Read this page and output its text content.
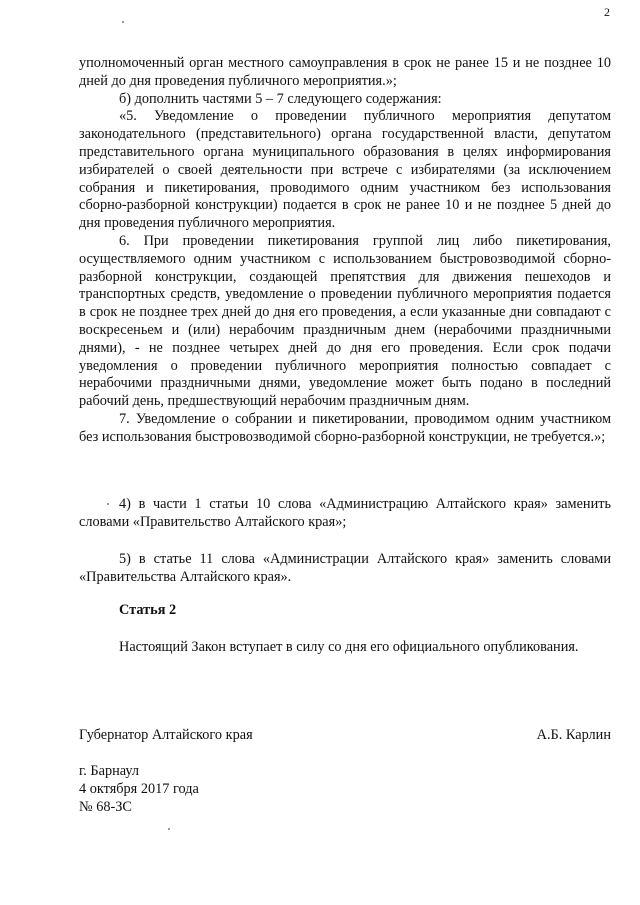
2

уполномоченный орган местного самоуправления в срок не ранее 15 и не позднее 10 дней до дня проведения публичного мероприятия.»;

б) дополнить частями 5 – 7 следующего содержания:

«5. Уведомление о проведении публичного мероприятия депутатом законодательного (представительного) органа государственной власти, депутатом представительного органа муниципального образования в целях информирования избирателей о своей деятельности при встрече с избирателями (за исключением собрания и пикетирования, проводимого одним участником без использования сборно-разборной конструкции) подается в срок не ранее 10 и не позднее 5 дней до дня проведения публичного мероприятия.

6. При проведении пикетирования группой лиц либо пикетирования, осуществляемого одним участником с использованием быстровозводимой сборно-разборной конструкции, создающей препятствия для движения пешеходов и транспортных средств, уведомление о проведении публичного мероприятия подается в срок не позднее трех дней до дня его проведения, а если указанные дни совпадают с воскресеньем и (или) нерабочим праздничным днем (нерабочими праздничными днями), - не позднее четырех дней до дня его проведения. Если срок подачи уведомления о проведении публичного мероприятия полностью совпадает с нерабочими праздничными днями, уведомление может быть подано в последний рабочий день, предшествующий нерабочим праздничным дням.

7. Уведомление о собрании и пикетировании, проводимом одним участником без использования быстровозводимой сборно-разборной конструкции, не требуется.»;

4) в части 1 статьи 10 слова «Администрацию Алтайского края» заменить словами «Правительство Алтайского края»;

5) в статье 11 слова «Администрации Алтайского края» заменить словами «Правительства Алтайского края».

Статья 2

Настоящий Закон вступает в силу со дня его официального опубликования.

Губернатор Алтайского края	А.Б. Карлин
г. Барнаул
4 октября 2017 года
№ 68-ЗС
